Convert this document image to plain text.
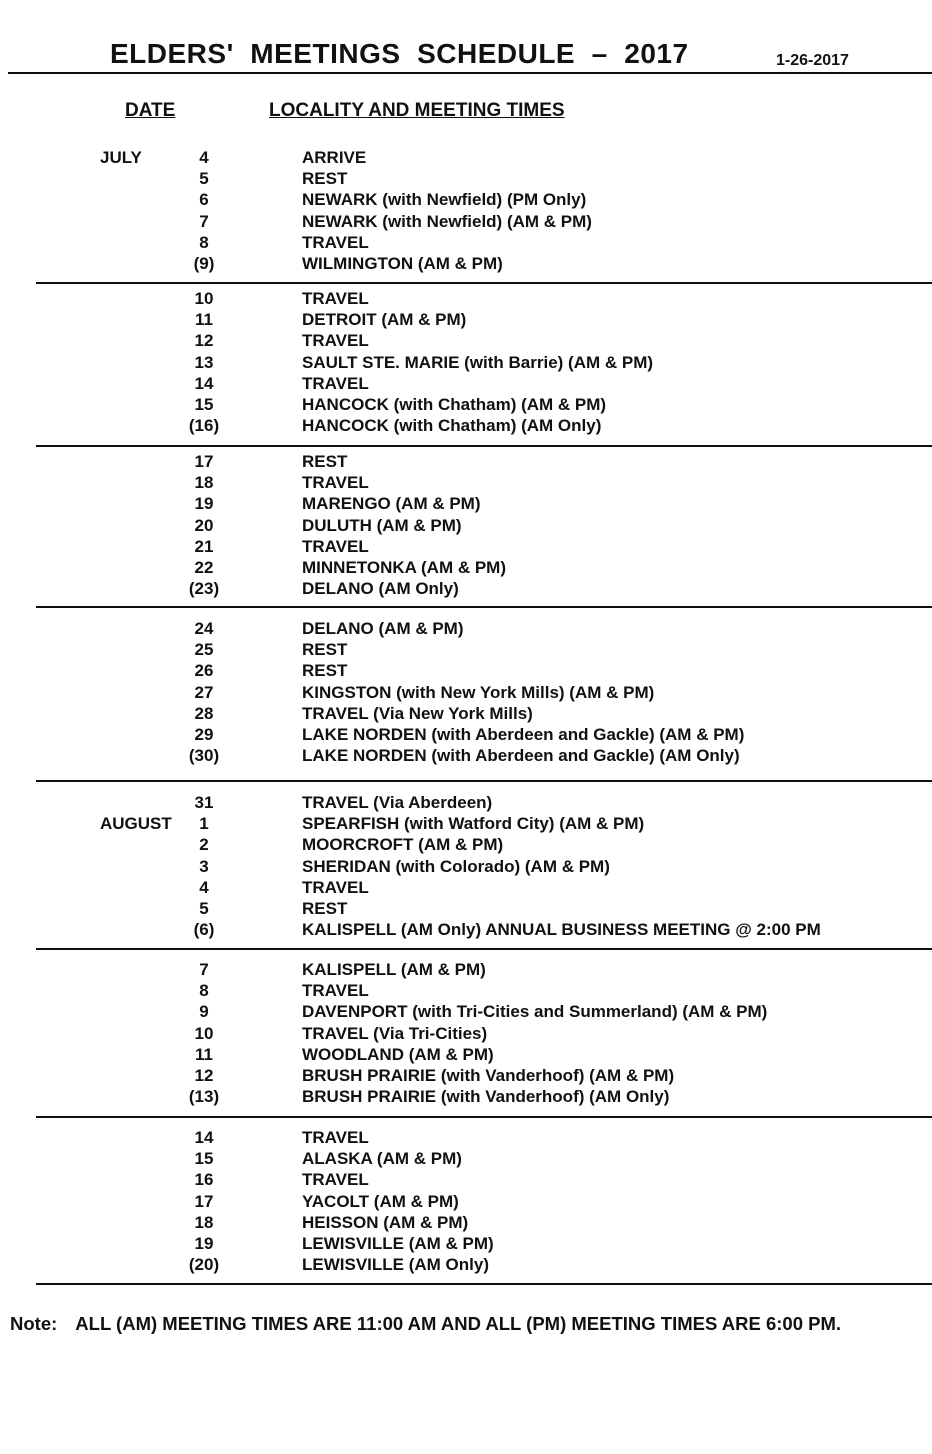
ELDERS'  MEETINGS  SCHEDULE  –  2017	1-26-2017
DATE	LOCALITY AND MEETING TIMES
JULY	4	ARRIVE
5	REST
6	NEWARK (with Newfield) (PM Only)
7	NEWARK (with Newfield) (AM & PM)
8	TRAVEL
(9)	WILMINGTON (AM & PM)
10	TRAVEL
11	DETROIT (AM & PM)
12	TRAVEL
13	SAULT STE. MARIE (with Barrie) (AM & PM)
14	TRAVEL
15	HANCOCK (with Chatham) (AM & PM)
(16)	HANCOCK (with Chatham) (AM Only)
17	REST
18	TRAVEL
19	MARENGO (AM & PM)
20	DULUTH (AM & PM)
21	TRAVEL
22	MINNETONKA (AM & PM)
(23)	DELANO (AM Only)
24	DELANO (AM & PM)
25	REST
26	REST
27	KINGSTON (with New York Mills) (AM & PM)
28	TRAVEL (Via New York Mills)
29	LAKE NORDEN (with Aberdeen and Gackle) (AM & PM)
(30)	LAKE NORDEN (with Aberdeen and Gackle) (AM Only)
31	TRAVEL (Via Aberdeen)
AUGUST	1	SPEARFISH (with Watford City) (AM & PM)
2	MOORCROFT (AM & PM)
3	SHERIDAN (with Colorado) (AM & PM)
4	TRAVEL
5	REST
(6)	KALISPELL (AM Only) ANNUAL BUSINESS MEETING @ 2:00 PM
7	KALISPELL (AM & PM)
8	TRAVEL
9	DAVENPORT (with Tri-Cities and Summerland) (AM & PM)
10	TRAVEL (Via Tri-Cities)
11	WOODLAND (AM & PM)
12	BRUSH PRAIRIE (with Vanderhoof) (AM & PM)
(13)	BRUSH PRAIRIE (with Vanderhoof) (AM Only)
14	TRAVEL
15	ALASKA (AM & PM)
16	TRAVEL
17	YACOLT (AM & PM)
18	HEISSON (AM & PM)
19	LEWISVILLE (AM & PM)
(20)	LEWISVILLE (AM Only)
Note: ALL (AM) MEETING TIMES ARE 11:00 AM AND ALL (PM) MEETING TIMES ARE 6:00 PM.
